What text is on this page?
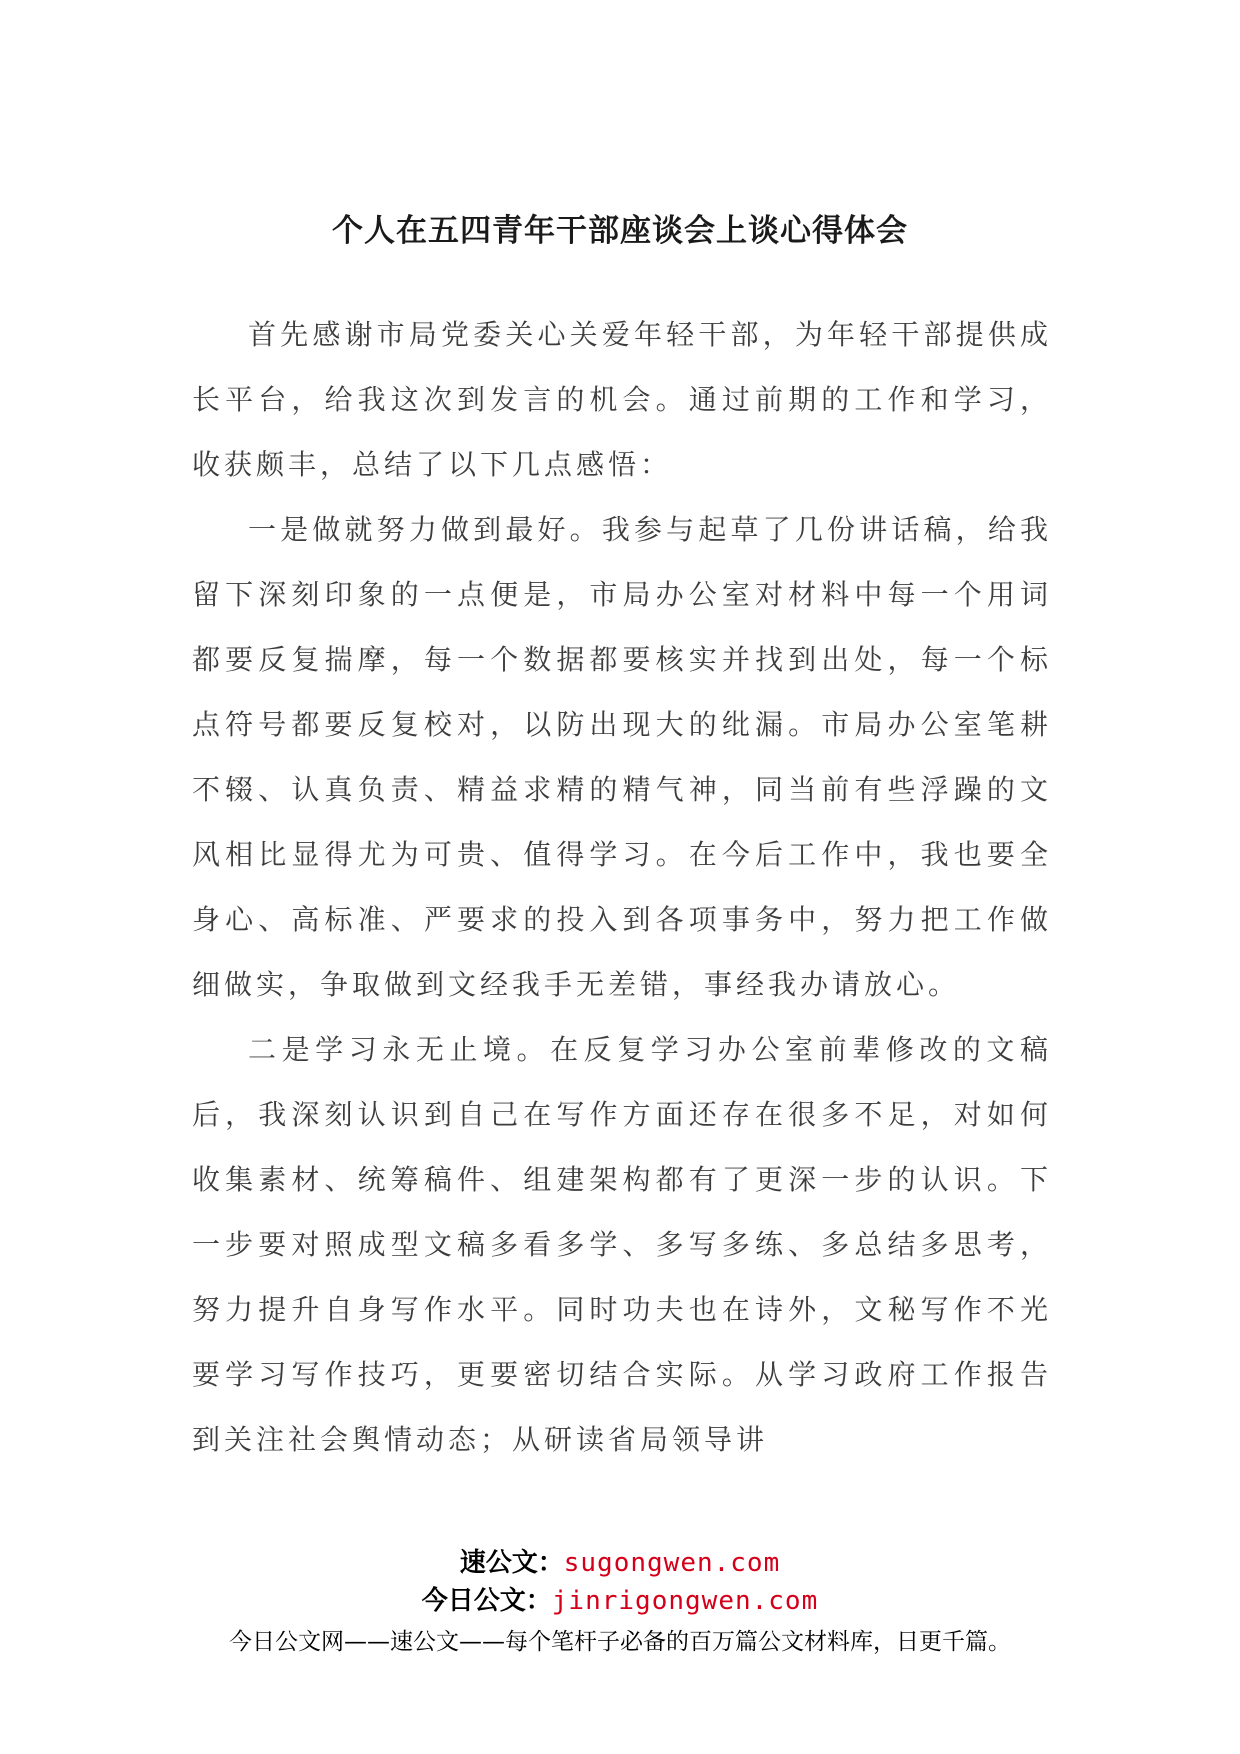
个人在五四青年干部座谈会上谈心得体会

首先感谢市局党委关心关爱年轻干部，为年轻干部提供成长平台，给我这次到发言的机会。通过前期的工作和学习，收获颇丰，总结了以下几点感悟：

一是做就努力做到最好。我参与起草了几份讲话稿，给我留下深刻印象的一点便是，市局办公室对材料中每一个用词都要反复揣摩，每一个数据都要核实并找到出处，每一个标点符号都要反复校对，以防出现大的纰漏。市局办公室笔耕不辍、认真负责、精益求精的精气神，同当前有些浮躁的文风相比显得尤为可贵、值得学习。在今后工作中，我也要全身心、高标准、严要求的投入到各项事务中，努力把工作做细做实，争取做到文经我手无差错，事经我办请放心。

二是学习永无止境。在反复学习办公室前辈修改的文稿后，我深刻认识到自己在写作方面还存在很多不足，对如何收集素材、统筹稿件、组建架构都有了更深一步的认识。下一步要对照成型文稿多看多学、多写多练、多总结多思考，努力提升自身写作水平。同时功夫也在诗外，文秘写作不光要学习写作技巧，更要密切结合实际。从学习政府工作报告到关注社会舆情动态；从研读省局领导讲

速公文：sugongwen.com

今日公文：jinrigongwen.com

今日公文网——速公文——每个笔杆子必备的百万篇公文材料库，日更千篇。
